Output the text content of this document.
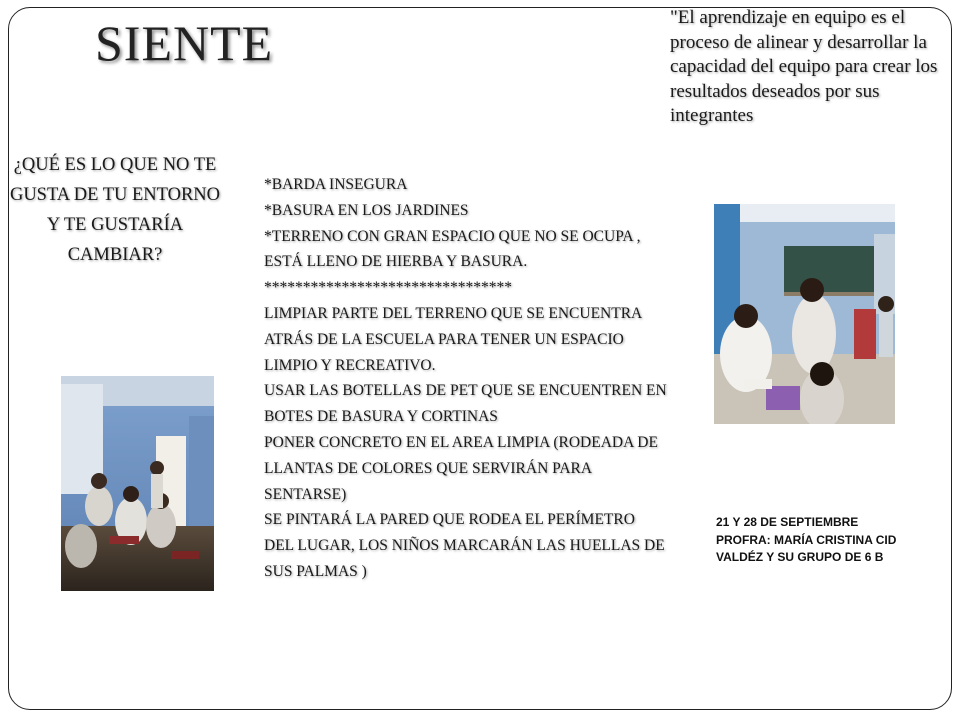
SIENTE	"El aprendizaje en equipo es el proceso de alinear y desarrollar la capacidad del equipo para crear los resultados deseados por sus integrantes
¿QUÉ ES LO QUE NO TE GUSTA DE TU ENTORNO Y TE GUSTARÍA CAMBIAR?
*BARDA INSEGURA
*BASURA EN LOS JARDINES
*TERRENO CON GRAN ESPACIO QUE NO SE OCUPA , ESTÁ LLENO DE HIERBA Y BASURA.
********************************
LIMPIAR PARTE DEL TERRENO QUE SE ENCUENTRA ATRÁS DE LA ESCUELA PARA TENER UN ESPACIO LIMPIO Y RECREATIVO.
USAR LAS BOTELLAS DE PET QUE SE ENCUENTREN EN BOTES DE BASURA Y CORTINAS
PONER CONCRETO EN EL AREA LIMPIA (RODEADA DE LLANTAS DE COLORES QUE SERVIRÁN PARA SENTARSE)
SE PINTARÁ LA PARED QUE RODEA EL PERÍMETRO  DEL LUGAR, LOS NIÑOS MARCARÁN LAS HUELLAS DE SUS PALMAS )
21 Y 28 DE SEPTIEMBRE
PROFRA: MARÍA CRISTINA CID VALDÉZ Y SU GRUPO DE 6 B
